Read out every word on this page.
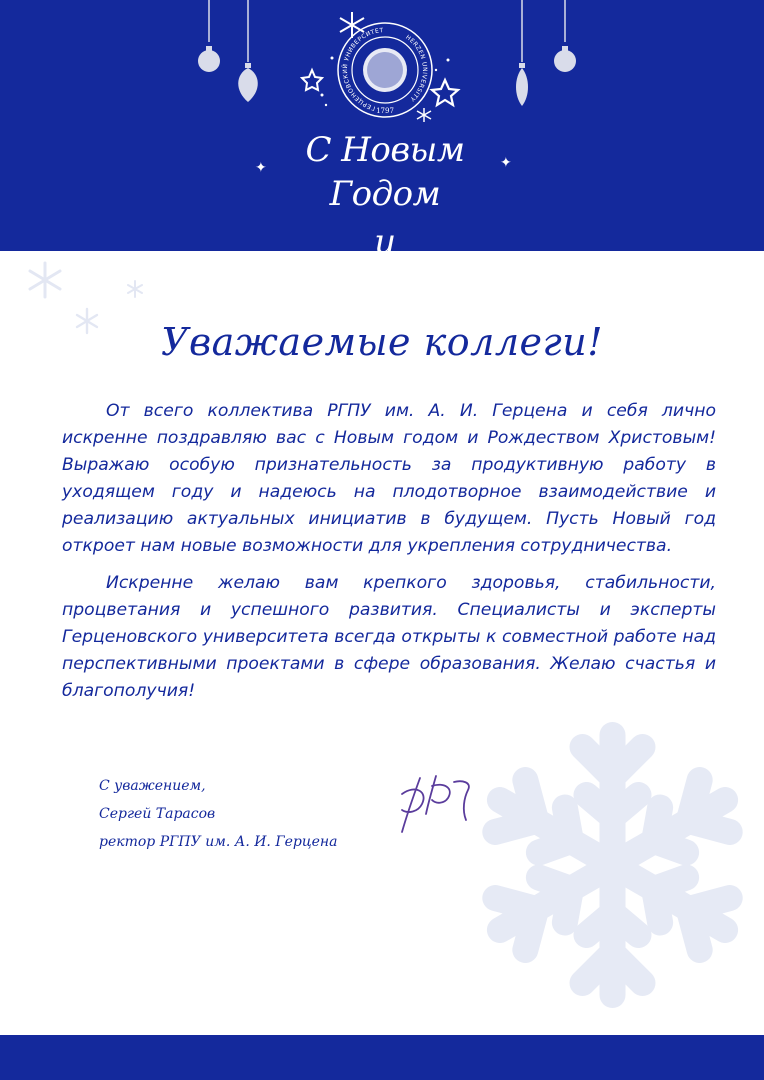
ГЕРЦЕНОВСКИЙ УНИВЕРСИТЕТ
HERZEN UNIVERSITY
1797
✦	✦
С Новым Годом
и Рождеством!
Уважаемые коллеги!

От всего коллектива РГПУ им. А. И. Герцена и себя лично искренне поздравляю вас с Новым годом и Рождеством Христовым! Выражаю особую признательность за продуктивную работу в уходящем году и надеюсь на плодотворное взаимодействие и реализацию актуальных инициатив в будущем. Пусть Новый год откроет нам новые возможности для укрепления сотрудничества.

Искренне желаю вам крепкого здоровья, стабильности, процветания и успешного развития. Специалисты и эксперты Герценовского университета всегда открыты к совместной работе над перспективными проектами в сфере образования. Желаю счастья и благополучия!

С уважением,
Сергей Тарасов
ректор РГПУ им. А. И. Герцена
